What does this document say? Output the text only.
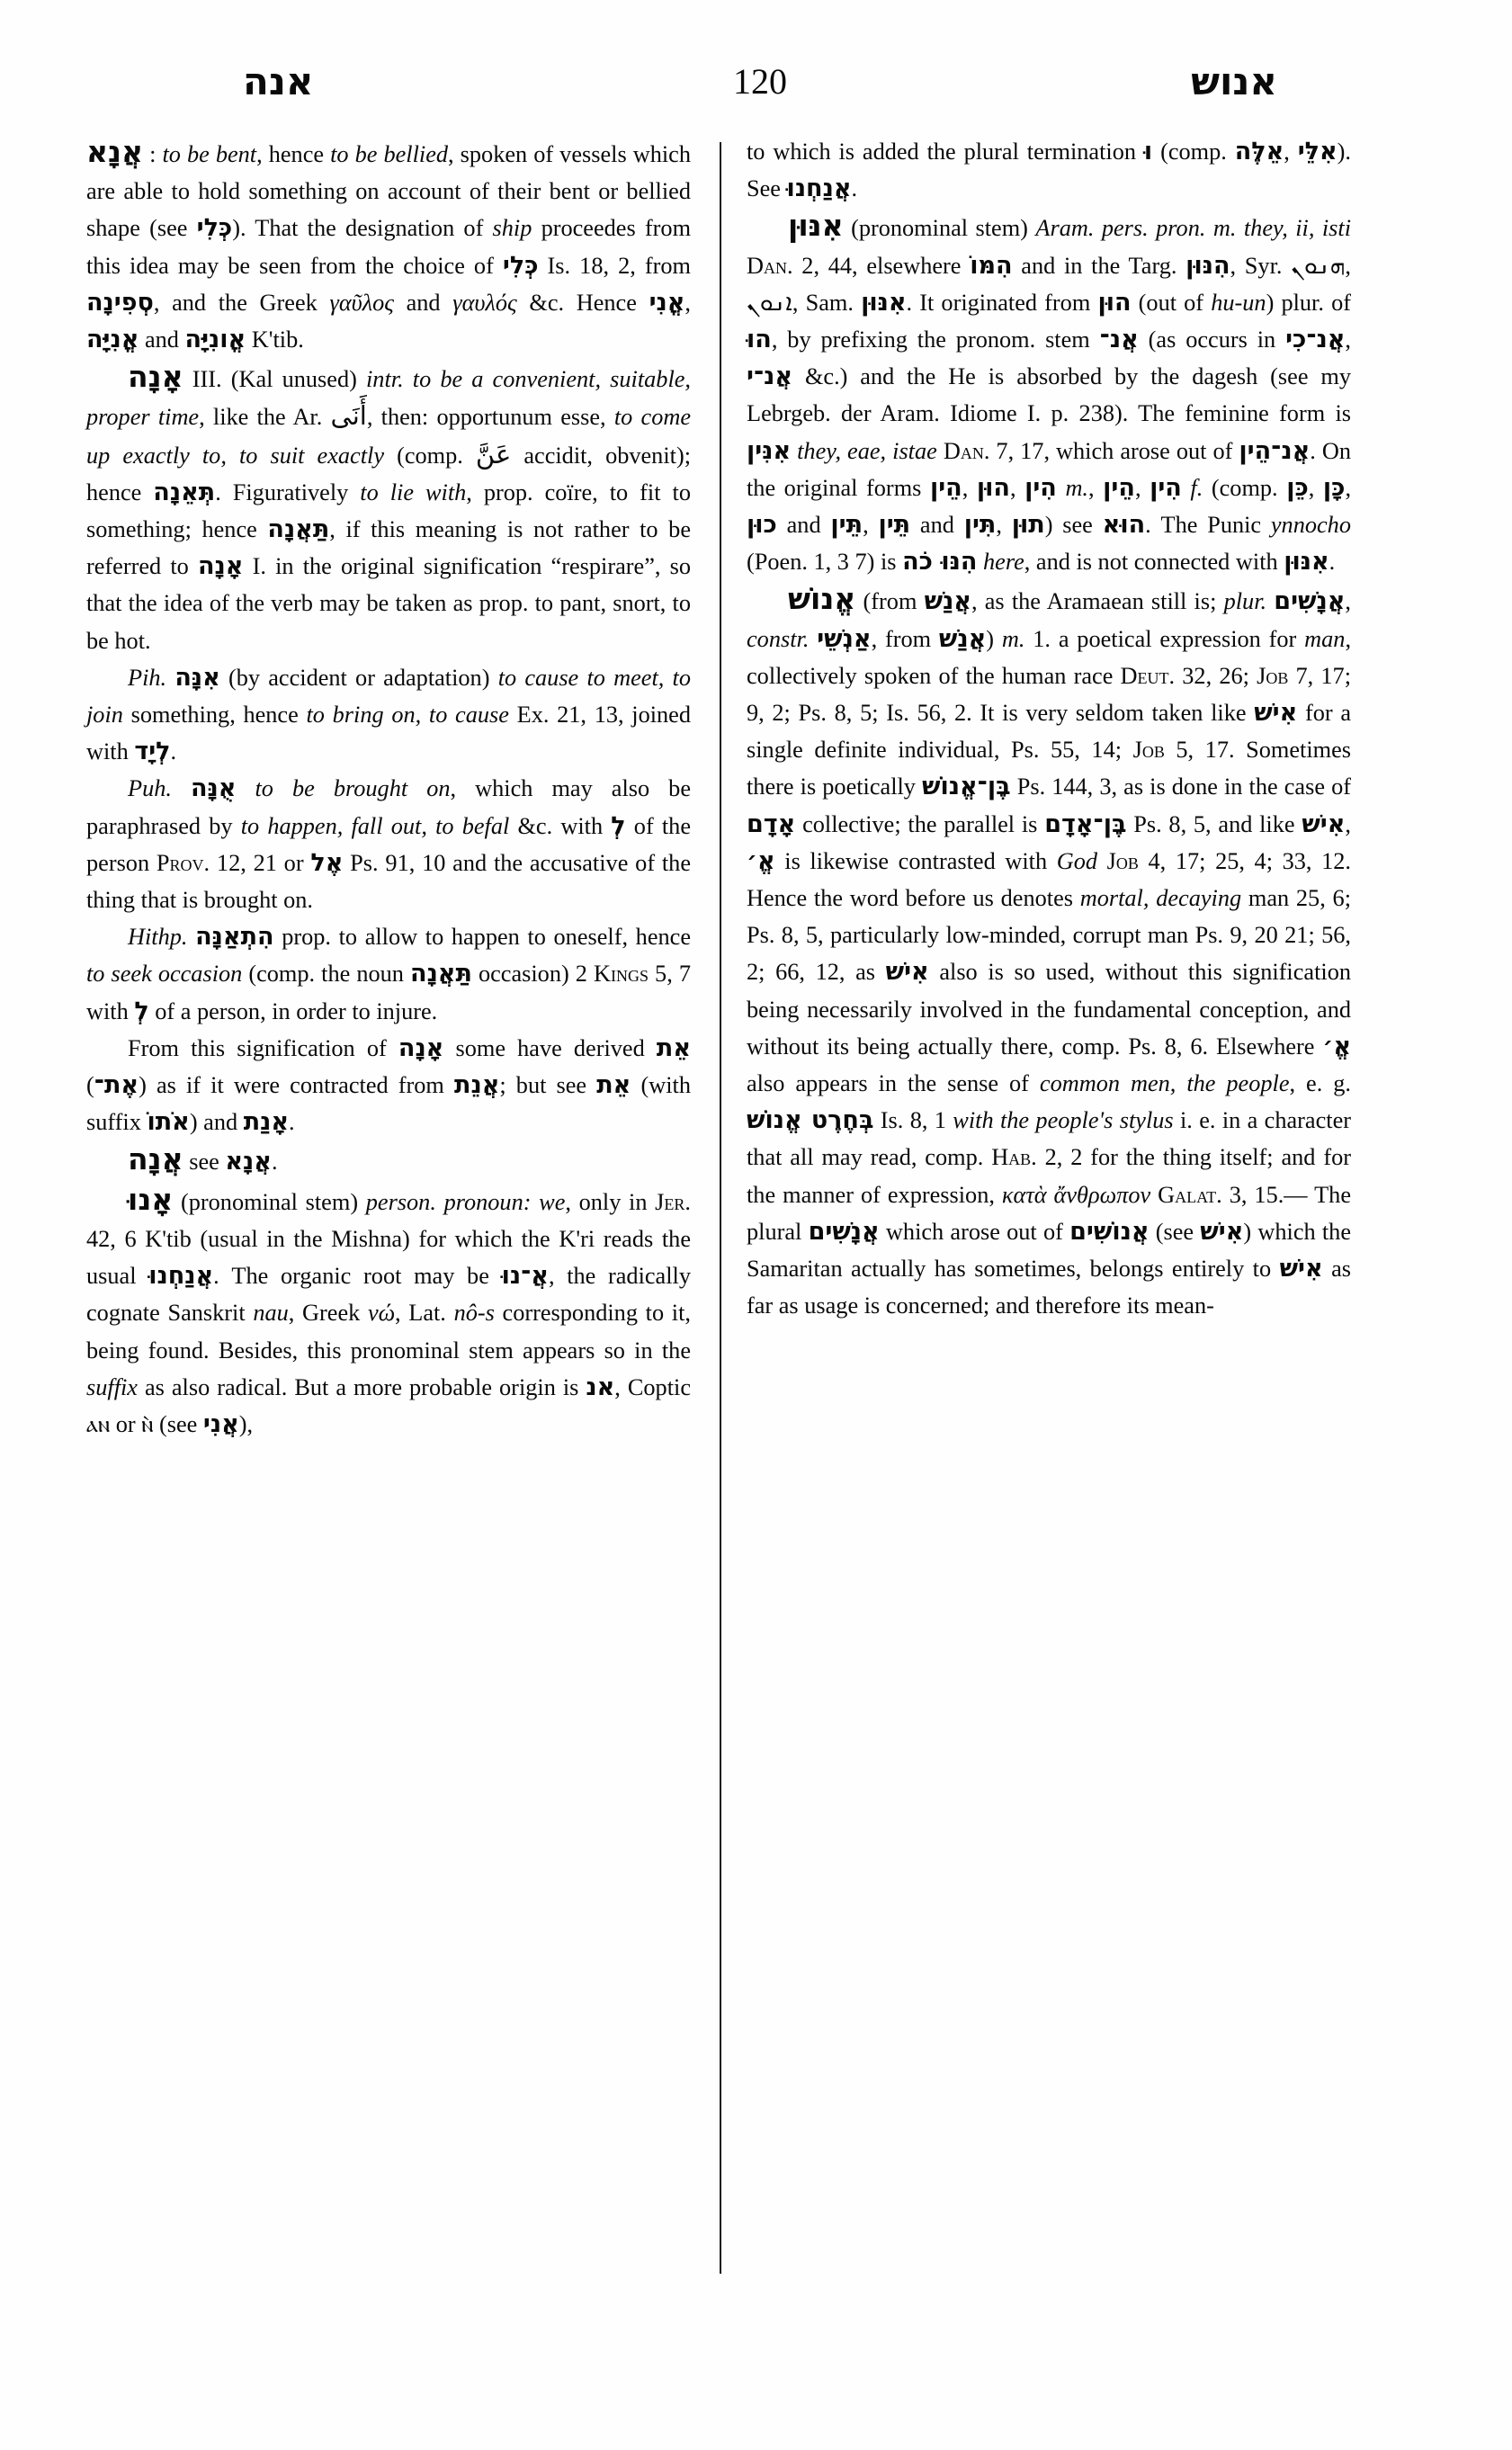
אנה	120	אנוש

אֲנָא : to be bent, hence to be bellied, spoken of vessels which are able to hold something on account of their bent or bellied shape (see כְּלִי). That the designation of ship proceedes from this idea may be seen from the choice of כְּלִי Is. 18, 2, from סְפִינָה, and the Greek γαῦλος and γαυλός &c. Hence אֳנִי, אֳנִיָּה and אֳונִיָּה K'tib.

אָנָה III. (Kal unused) intr. to be a convenient, suitable, proper time, like the Ar. أَنَى, then: opportunum esse, to come up exactly to, to suit exactly (comp. عَنَّ accidit, obvenit); hence תְּאֵנָה. Figuratively to lie with, prop. coïre, to fit to something; hence תַּאֲנָה, if this meaning is not rather to be referred to אָנָה I. in the original signification “respirare”, so that the idea of the verb may be taken as prop. to pant, snort, to be hot.

Pih. אִנָּה (by accident or adaptation) to cause to meet, to join something, hence to bring on, to cause Ex. 21, 13, joined with לְיָד.

Puh. אֻנָּה to be brought on, which may also be paraphrased by to happen, fall out, to befal &c. with לְ of the person Prov. 12, 21 or אֶל Ps. 91, 10 and the accusative of the thing that is brought on.

Hithp. הִתְאַנָּה prop. to allow to happen to oneself, hence to seek occasion (comp. the noun תַּאֲנָה occasion) 2 Kings 5, 7 with לְ of a person, in order to injure.

From this signification of אָנָה some have derived אֵת (אֶת־) as if it were contracted from אֲנֵת; but see אֵת (with suffix אֹתוֹ) and אָנַת.

אֲנָה see אֲנָא.

אָנוּ (pronominal stem) person. pronoun: we, only in Jer. 42, 6 K'tib (usual in the Mishna) for which the K'ri reads the usual אֲנַחְנוּ. The organic root may be אֲ־נוּ, the radically cognate Sanskrit nau, Greek νώ, Lat. nô-s corresponding to it, being found. Besides, this pronominal stem appears so in the suffix as also radical. But a more probable origin is אנ, Coptic ⲁⲛ or ⲛ̀ (see אֲנִי),

to which is added the plural termination וּ (comp. אֵלֶּה, אִלֵּי). See אֲנַחְנוּ.

אִנּוּן (pronominal stem) Aram. pers. pron. m. they, ii, isti Dan. 2, 44, elsewhere הִמּוֹ and in the Targ. הִנּוּן, Syr. ܗܢܘܢ, ܐܢܘܢ, Sam. אִנּוּן. It originated from הוּן (out of hu-un) plur. of הוּ, by prefixing the pronom. stem אֲנ־ (as occurs in אֲנ־כִי, אֲנ־י &c.) and the He is absorbed by the dagesh (see my Lebrgeb. der Aram. Idiome I. p. 238). The feminine form is אִנִּין they, eae, istae Dan. 7, 17, which arose out of אֲנ־הֵין. On the original forms הֵין, הוּן, הִין m., הֵין, הִין f. (comp. כֵּן, כָּן, כוּן and תֵּין, תֵּין and תִּין, תוּן) see הוּא. The Punic ynnocho (Poen. 1, 3 7) is הִנּוּ כֹה here, and is not connected with אִנּוּן.

אֱנוֹשׁ (from אֲנַשׁ, as the Aramaean still is; plur. אֲנָשִׁים, constr. אַנְשֵׁי, from אֲנַשׁ) m. 1. a poetical expression for man, collectively spoken of the human race Deut. 32, 26; Job 7, 17; 9, 2; Ps. 8, 5; Is. 56, 2. It is very seldom taken like אִישׁ for a single definite individual, Ps. 55, 14; Job 5, 17. Sometimes there is poetically בֶּן־אֱנוֹשׁ Ps. 144, 3, as is done in the case of אָדָם collective; the parallel is בֶּן־אָדָם Ps. 8, 5, and like אִישׁ, אֱ׳ is likewise contrasted with God Job 4, 17; 25, 4; 33, 12. Hence the word before us denotes mortal, decaying man 25, 6; Ps. 8, 5, particularly low-minded, corrupt man Ps. 9, 20 21; 56, 2; 66, 12, as אִישׁ also is so used, without this signification being necessarily involved in the fundamental conception, and without its being actually there, comp. Ps. 8, 6. Elsewhere אֱ׳ also appears in the sense of common men, the people, e. g. בְּחֶרֶט אֱנוֹשׁ Is. 8, 1 with the people's stylus i. e. in a character that all may read, comp. Hab. 2, 2 for the thing itself; and for the manner of expression, κατὰ ἄνθρωπον Galat. 3, 15.— The plural אֲנָשִׁים which arose out of אֲנוֹשִׁים (see אִישׁ) which the Samaritan actually has sometimes, belongs entirely to אִישׁ as far as usage is concerned; and therefore its mean-
